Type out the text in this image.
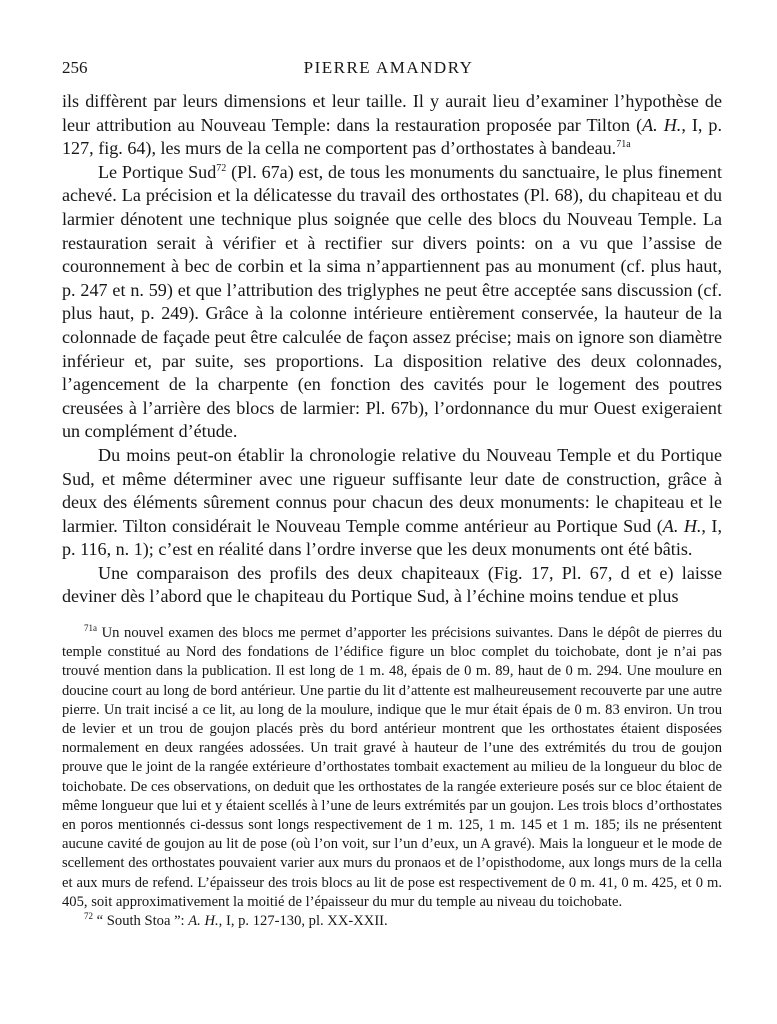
256	PIERRE AMANDRY

ils diffèrent par leurs dimensions et leur taille. Il y aurait lieu d’examiner l’hypothèse de leur attribution au Nouveau Temple: dans la restauration proposée par Tilton (A. H., I, p. 127, fig. 64), les murs de la cella ne comportent pas d’orthostates à bandeau.$^{71a}$

Le Portique Sud$^{72}$ (Pl. 67a) est, de tous les monuments du sanctuaire, le plus finement achevé. La précision et la délicatesse du travail des orthostates (Pl. 68), du chapiteau et du larmier dénotent une technique plus soignée que celle des blocs du Nouveau Temple. La restauration serait à vérifier et à rectifier sur divers points: on a vu que l’assise de couronnement à bec de corbin et la sima n’appartiennent pas au monument (cf. plus haut, p. 247 et n. 59) et que l’attribution des triglyphes ne peut être acceptée sans discussion (cf. plus haut, p. 249). Grâce à la colonne intérieure entièrement conservée, la hauteur de la colonnade de façade peut être calculée de façon assez précise; mais on ignore son diamètre inférieur et, par suite, ses proportions. La disposition relative des deux colonnades, l’agencement de la charpente (en fonction des cavités pour le logement des poutres creusées à l’arrière des blocs de larmier: Pl. 67b), l’ordonnance du mur Ouest exigeraient un complément d’étude.

Du moins peut-on établir la chronologie relative du Nouveau Temple et du Portique Sud, et même déterminer avec une rigueur suffisante leur date de construction, grâce à deux des éléments sûrement connus pour chacun des deux monuments: le chapiteau et le larmier. Tilton considérait le Nouveau Temple comme antérieur au Portique Sud (A. H., I, p. 116, n. 1); c’est en réalité dans l’ordre inverse que les deux monuments ont été bâtis.

Une comparaison des profils des deux chapiteaux (Fig. 17, Pl. 67, d et e) laisse deviner dès l’abord que le chapiteau du Portique Sud, à l’échine moins tendue et plus

$^{71a}$ Un nouvel examen des blocs me permet d’apporter les précisions suivantes. Dans le dépôt de pierres du temple constitué au Nord des fondations de l’édifice figure un bloc complet du toichobate, dont je n’ai pas trouvé mention dans la publication. Il est long de 1 m. 48, épais de 0 m. 89, haut de 0 m. 294. Une moulure en doucine court au long de bord antérieur. Une partie du lit d’attente est malheureusement recouverte par une autre pierre. Un trait incisé a ce lit, au long de la moulure, indique que le mur était épais de 0 m. 83 environ. Un trou de levier et un trou de goujon placés près du bord antérieur montrent que les orthostates étaient disposées normalement en deux rangées adossées. Un trait gravé à hauteur de l’une des extrémités du trou de goujon prouve que le joint de la rangée extérieure d’orthostates tombait exactement au milieu de la longueur du bloc de toichobate. De ces observations, on deduit que les orthostates de la rangée exterieure posés sur ce bloc étaient de même longueur que lui et y étaient scellés à l’une de leurs extrémités par un goujon. Les trois blocs d’orthostates en poros mentionnés ci-dessus sont longs respectivement de 1 m. 125, 1 m. 145 et 1 m. 185; ils ne présentent aucune cavité de goujon au lit de pose (où l’on voit, sur l’un d’eux, un A gravé). Mais la longueur et le mode de scellement des orthostates pouvaient varier aux murs du pronaos et de l’opisthodome, aux longs murs de la cella et aux murs de refend. L’épaisseur des trois blocs au lit de pose est respectivement de 0 m. 41, 0 m. 425, et 0 m. 405, soit approximativement la moitié de l’épaisseur du mur du temple au niveau du toichobate.

$^{72}$ “ South Stoa ”: A. H., I, p. 127-130, pl. XX-XXII.
